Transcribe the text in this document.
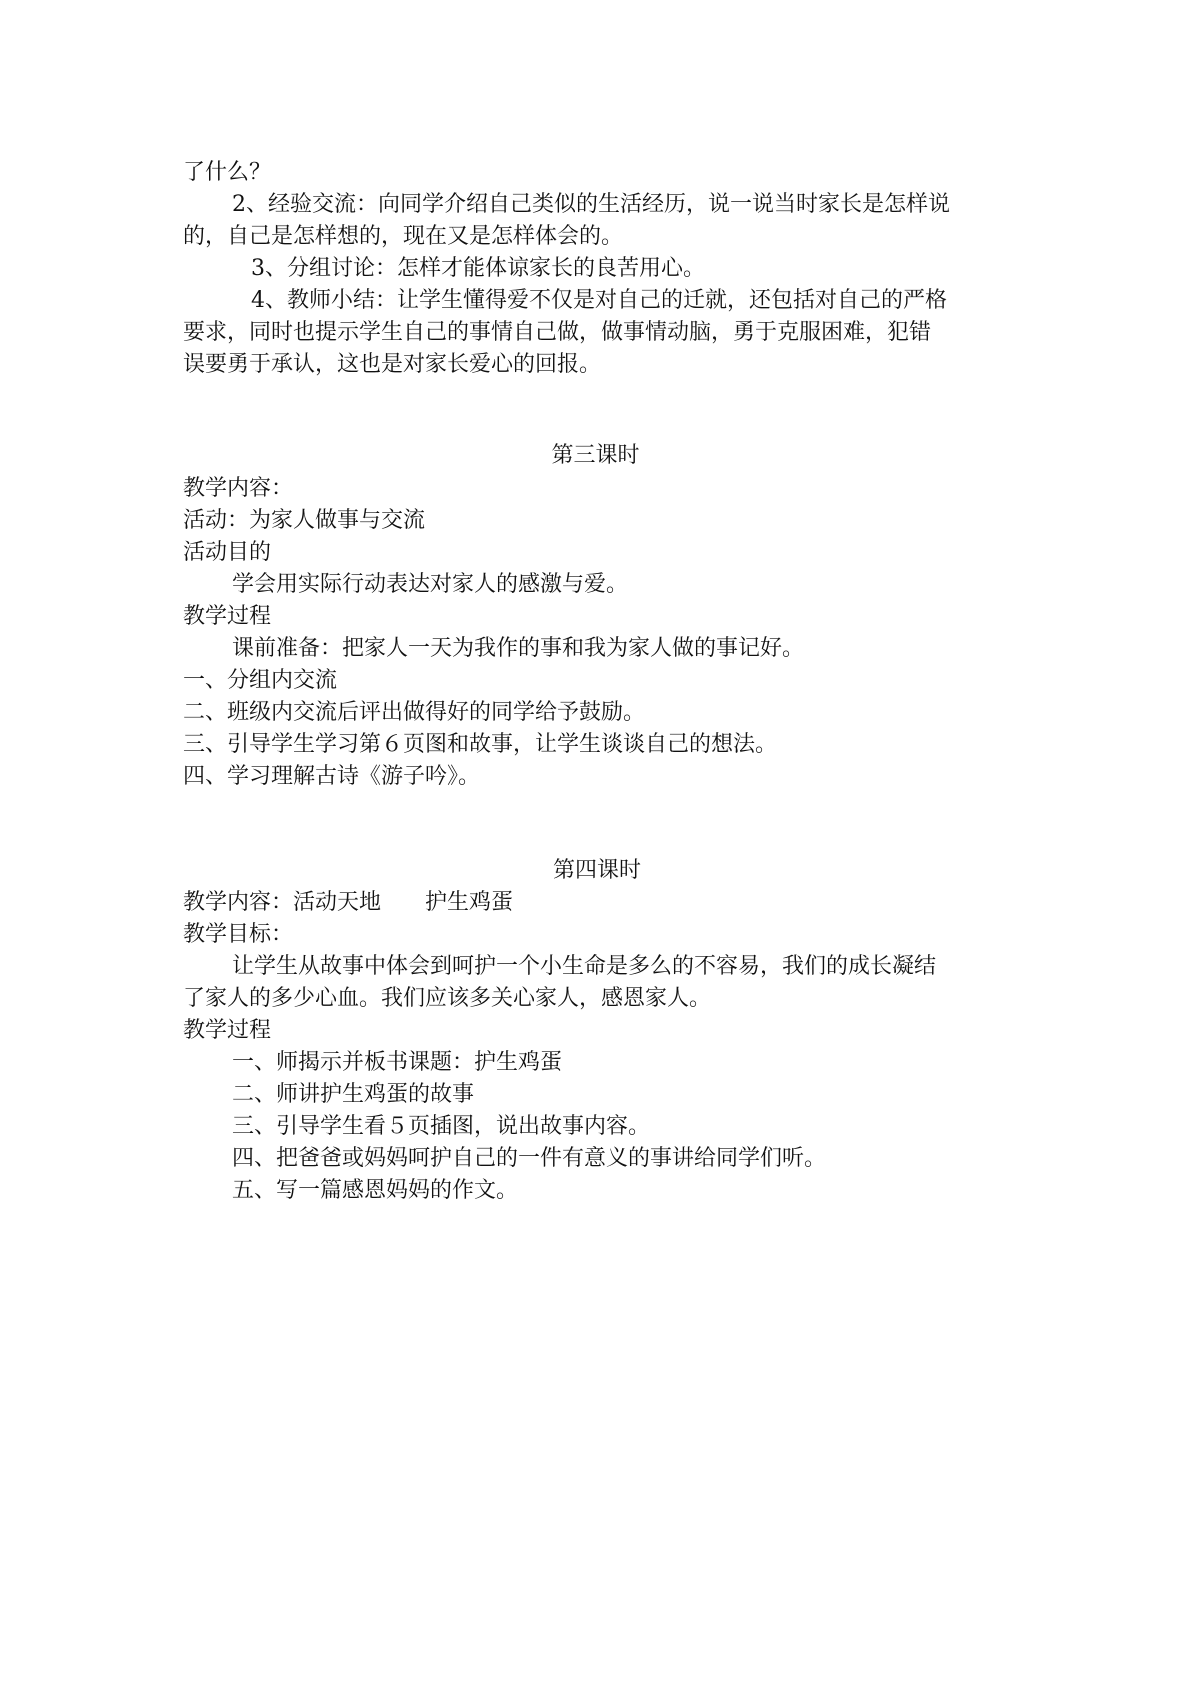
了什么？
2、经验交流：向同学介绍自己类似的生活经历，说一说当时家长是怎样说
的，自己是怎样想的，现在又是怎样体会的。
3、分组讨论：怎样才能体谅家长的良苦用心。
4、教师小结：让学生懂得爱不仅是对自己的迁就，还包括对自己的严格
要求，同时也提示学生自己的事情自己做，做事情动脑，勇于克服困难，犯错
误要勇于承认，这也是对家长爱心的回报。
第三课时
教学内容：
活动：为家人做事与交流
活动目的
学会用实际行动表达对家人的感激与爱。
教学过程
课前准备：把家人一天为我作的事和我为家人做的事记好。
一、分组内交流
二、班级内交流后评出做得好的同学给予鼓励。
三、引导学生学习第６页图和故事，让学生谈谈自己的想法。
四、学习理解古诗《游子吟》。
第四课时
教学内容：活动天地　　护生鸡蛋
教学目标：
让学生从故事中体会到呵护一个小生命是多么的不容易，我们的成长凝结
了家人的多少心血。我们应该多关心家人，感恩家人。
教学过程
一、师揭示并板书课题：护生鸡蛋
二、师讲护生鸡蛋的故事
三、引导学生看５页插图，说出故事内容。
四、把爸爸或妈妈呵护自己的一件有意义的事讲给同学们听。
五、写一篇感恩妈妈的作文。
